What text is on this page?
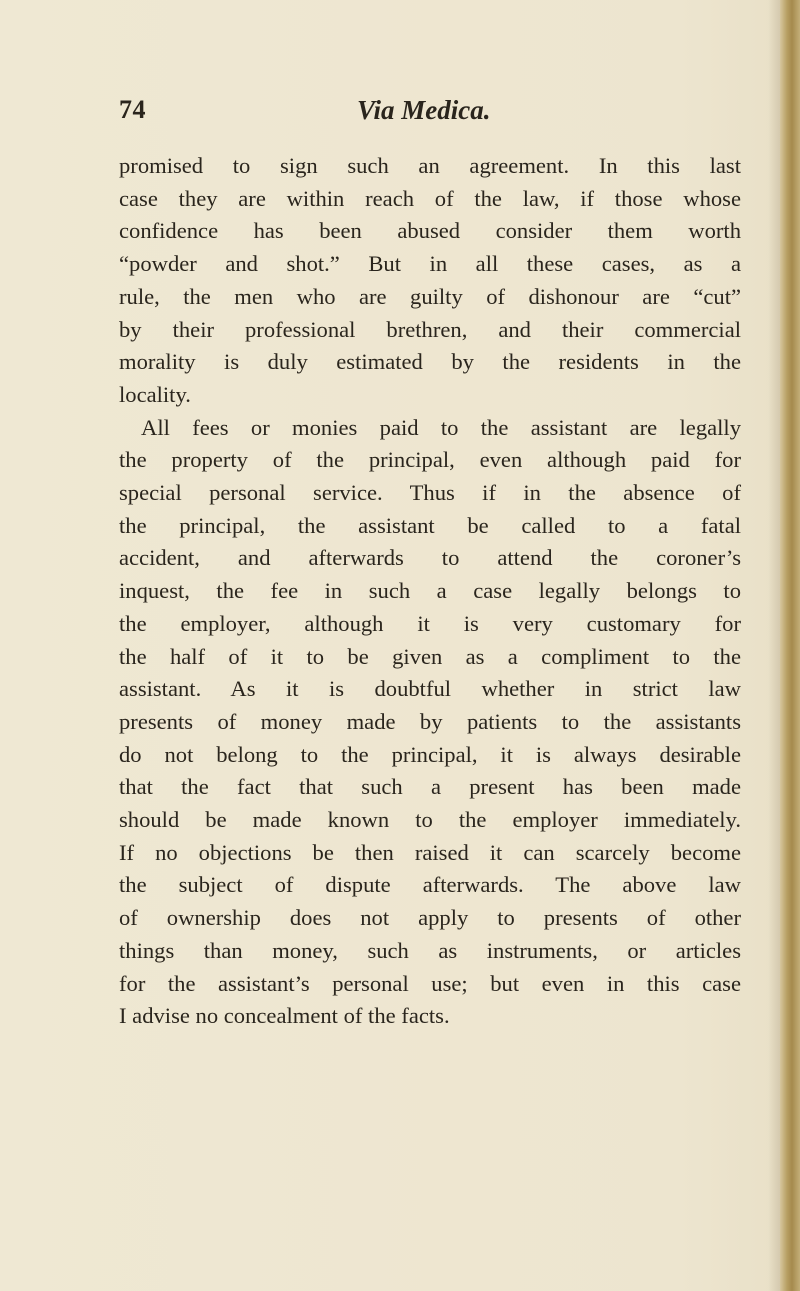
74	Via Medica.

promised to sign such an agreement. In this last
case they are within reach of the law, if those whose
confidence has been abused consider them worth
“powder and shot.” But in all these cases, as a
rule, the men who are guilty of dishonour are “cut”
by their professional brethren, and their commercial
morality is duly estimated by the residents in the
locality.

All fees or monies paid to the assistant are legally
the property of the principal, even although paid for
special personal service. Thus if in the absence of
the principal, the assistant be called to a fatal
accident, and afterwards to attend the coroner’s
inquest, the fee in such a case legally belongs to
the employer, although it is very customary for
the half of it to be given as a compliment to the
assistant. As it is doubtful whether in strict law
presents of money made by patients to the assistants
do not belong to the principal, it is always desirable
that the fact that such a present has been made
should be made known to the employer immediately.
If no objections be then raised it can scarcely become
the subject of dispute afterwards. The above law
of ownership does not apply to presents of other
things than money, such as instruments, or articles
for the assistant’s personal use; but even in this case
I advise no concealment of the facts.
